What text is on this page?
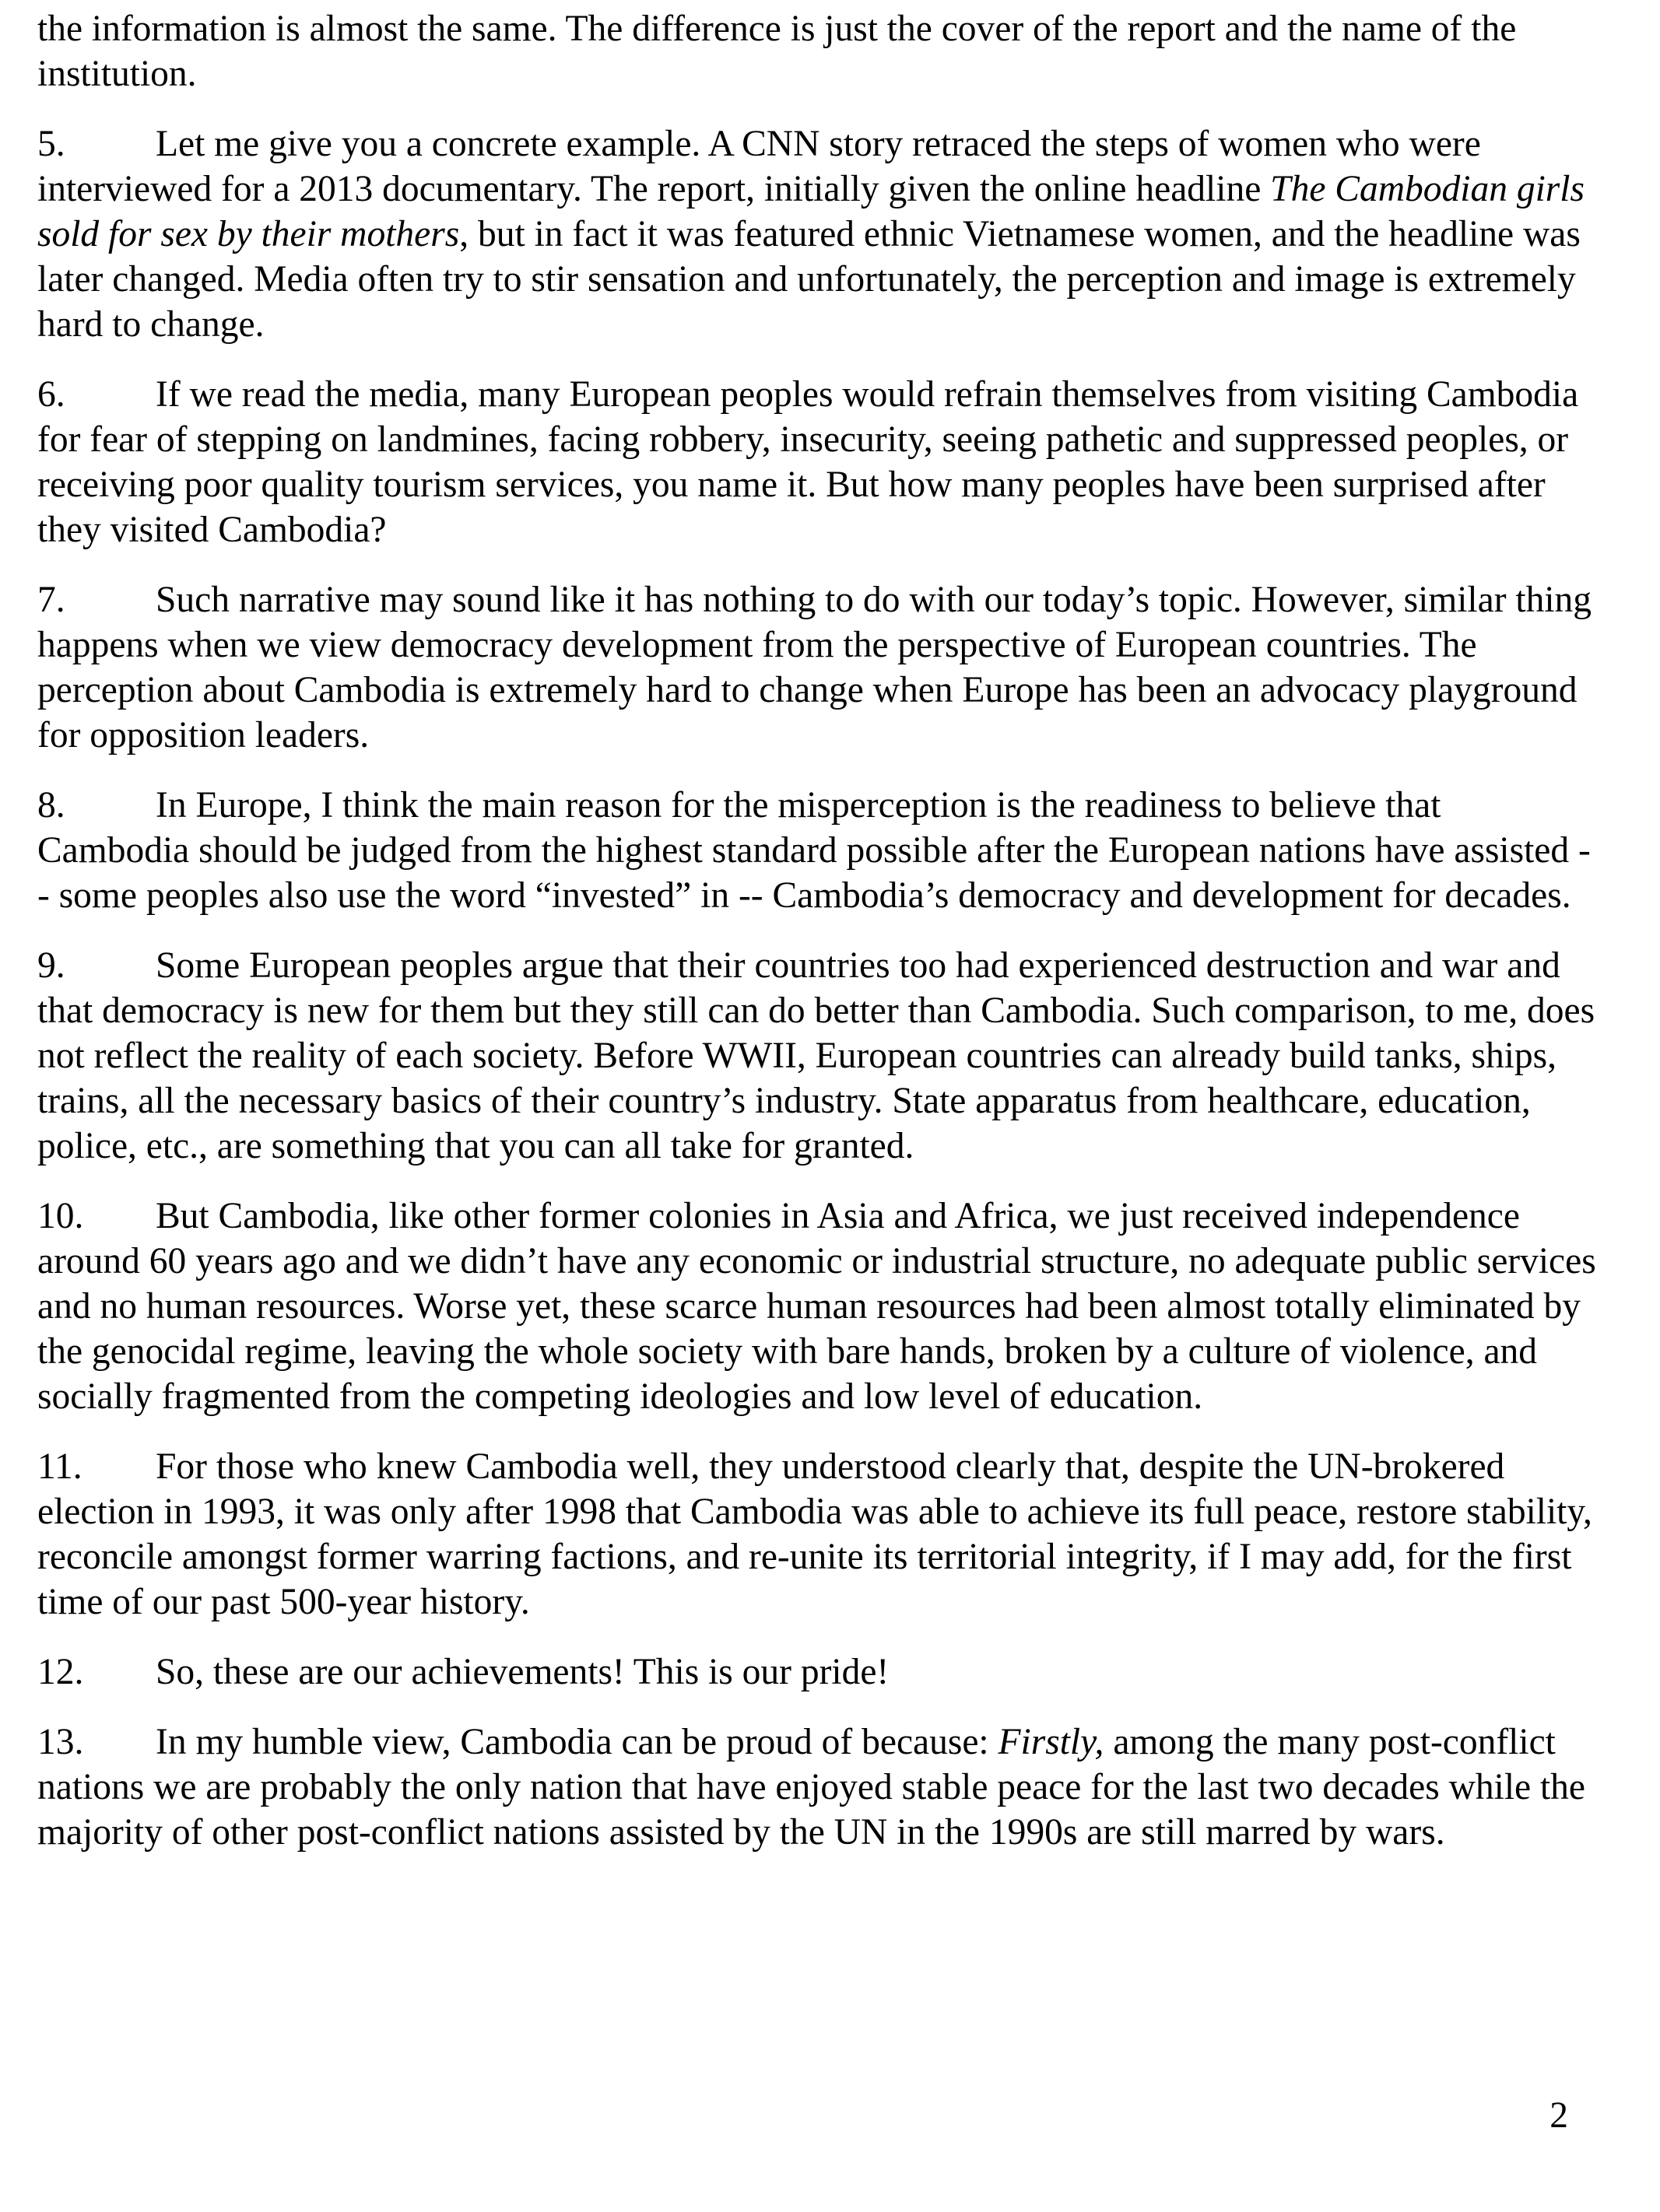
the information is almost the same. The difference is just the cover of the report and the name of the institution.

5. Let me give you a concrete example. A CNN story retraced the steps of women who were interviewed for a 2013 documentary. The report, initially given the online headline The Cambodian girls sold for sex by their mothers, but in fact it was featured ethnic Vietnamese women, and the headline was later changed. Media often try to stir sensation and unfortunately, the perception and image is extremely hard to change.

6. If we read the media, many European peoples would refrain themselves from visiting Cambodia for fear of stepping on landmines, facing robbery, insecurity, seeing pathetic and suppressed peoples, or receiving poor quality tourism services, you name it. But how many peoples have been surprised after they visited Cambodia?

7. Such narrative may sound like it has nothing to do with our today’s topic. However, similar thing happens when we view democracy development from the perspective of European countries. The perception about Cambodia is extremely hard to change when Europe has been an advocacy playground for opposition leaders.

8. In Europe, I think the main reason for the misperception is the readiness to believe that Cambodia should be judged from the highest standard possible after the European nations have assisted -- some peoples also use the word “invested” in -- Cambodia’s democracy and development for decades.

9. Some European peoples argue that their countries too had experienced destruction and war and that democracy is new for them but they still can do better than Cambodia. Such comparison, to me, does not reflect the reality of each society. Before WWII, European countries can already build tanks, ships, trains, all the necessary basics of their country’s industry. State apparatus from healthcare, education, police, etc., are something that you can all take for granted.

10. But Cambodia, like other former colonies in Asia and Africa, we just received independence around 60 years ago and we didn’t have any economic or industrial structure, no adequate public services and no human resources. Worse yet, these scarce human resources had been almost totally eliminated by the genocidal regime, leaving the whole society with bare hands, broken by a culture of violence, and socially fragmented from the competing ideologies and low level of education.

11. For those who knew Cambodia well, they understood clearly that, despite the UN-brokered election in 1993, it was only after 1998 that Cambodia was able to achieve its full peace, restore stability, reconcile amongst former warring factions, and re-unite its territorial integrity, if I may add, for the first time of our past 500-year history.

12. So, these are our achievements! This is our pride!

13. In my humble view, Cambodia can be proud of because: Firstly, among the many post-conflict nations we are probably the only nation that have enjoyed stable peace for the last two decades while the majority of other post-conflict nations assisted by the UN in the 1990s are still marred by wars.

2
